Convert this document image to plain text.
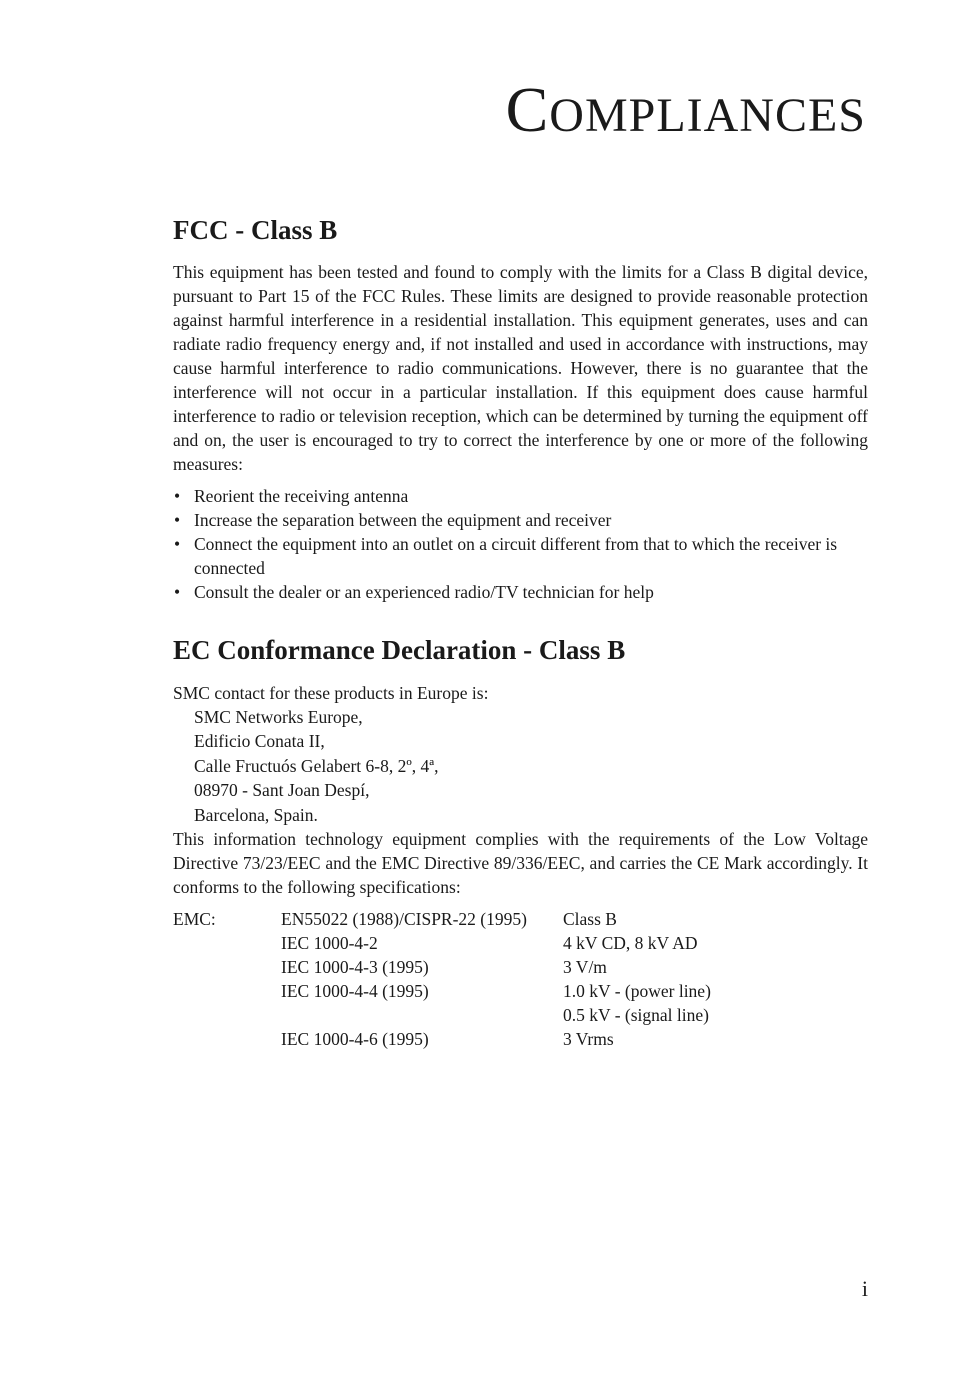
COMPLIANCES
FCC - Class B

This equipment has been tested and found to comply with the limits for a Class B digital device, pursuant to Part 15 of the FCC Rules. These limits are designed to provide reasonable protection against harmful interference in a residential installation. This equipment generates, uses and can radiate radio frequency energy and, if not installed and used in accordance with instructions, may cause harmful interference to radio communications. However, there is no guarantee that the interference will not occur in a particular installation. If this equipment does cause harmful interference to radio or television reception, which can be determined by turning the equipment off and on, the user is encouraged to try to correct the interference by one or more of the following measures:

• Reorient the receiving antenna
• Increase the separation between the equipment and receiver
• Connect the equipment into an outlet on a circuit different from that to which the receiver is connected
• Consult the dealer or an experienced radio/TV technician for help
EC Conformance Declaration - Class B

SMC contact for these products in Europe is:

SMC Networks Europe,
Edificio Conata II,
Calle Fructuós Gelabert 6-8, 2º, 4ª,
08970 - Sant Joan Despí,
Barcelona, Spain.

This information technology equipment complies with the requirements of the Low Voltage Directive 73/23/EEC and the EMC Directive 89/336/EEC, and carries the CE Mark accordingly. It conforms to the following specifications:

EMC:	EN55022 (1988)/CISPR-22 (1995)	Class B
	IEC 1000-4-2	4 kV CD, 8 kV AD
	IEC 1000-4-3 (1995)	3 V/m
	IEC 1000-4-4 (1995)	1.0 kV - (power line)
		0.5 kV - (signal line)
	IEC 1000-4-6 (1995)	3 Vrms
i
